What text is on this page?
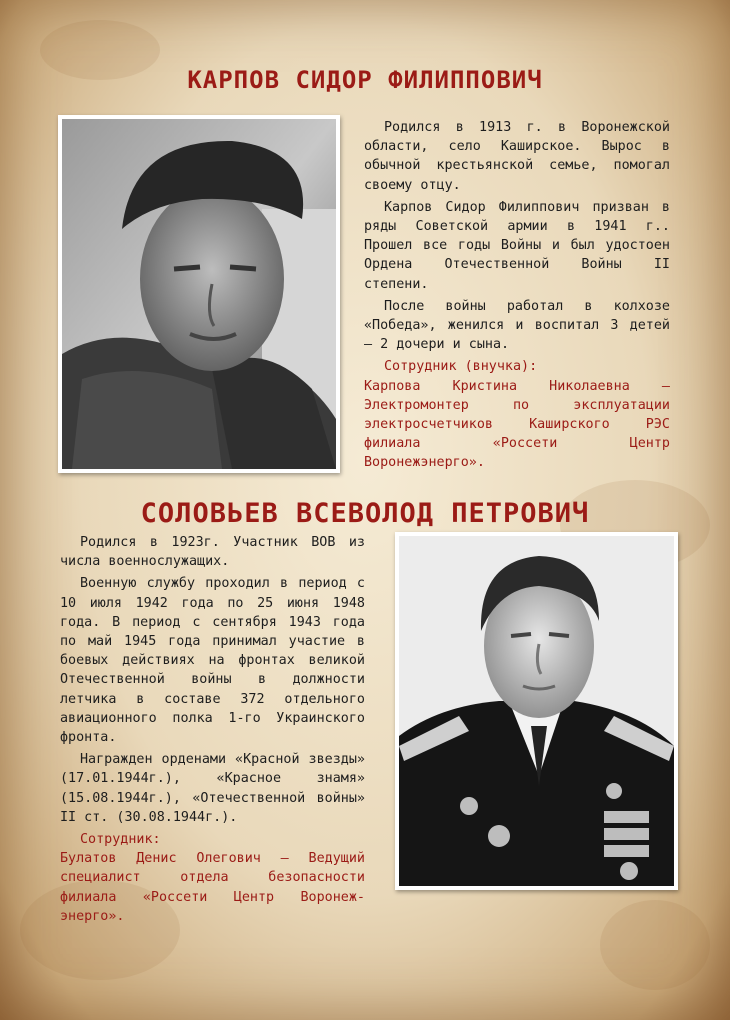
КАРПОВ СИДОР ФИЛИППОВИЧ

Родился в 1913 г. в Воронежской области, село Каширское. Вырос в обычной крестьянской семье, помогал своему отцу.

Карпов Сидор Филиппович призван в ряды Советской армии в 1941 г.. Прошел все годы Войны и был удостоен Ордена Отечественной Войны II степени.

После войны работал в колхозе «Победа», женился и воспитал 3 детей – 2 дочери и сына.

Сотрудник (внучка):

Карпова Кристина Николаевна – Электромонтер по эксплуатации электросчетчиков Каширского РЭС филиала «Россети Центр Воронежэнерго».

СОЛОВЬЕВ ВСЕВОЛОД ПЕТРОВИЧ

Родился в 1923г. Участник ВОВ из числа военнослужащих.

Военную службу проходил в период с 10 июля 1942 года по 25 июня 1948 года. В период с сентября 1943 года по май 1945 года принимал участие в боевых действиях на фронтах великой Отечественной войны в должности летчика в составе 372 отдельного авиационного полка 1-го Украинского фронта.

Награжден орденами «Красной звезды» (17.01.1944г.), «Красное знамя» (15.08.1944г.), «Отечественной войны» II ст. (30.08.1944г.).

Сотрудник:

Булатов Денис Олегович – Ведущий специалист отдела безопасности филиала «Россети Центр Воронеж-энерго».
